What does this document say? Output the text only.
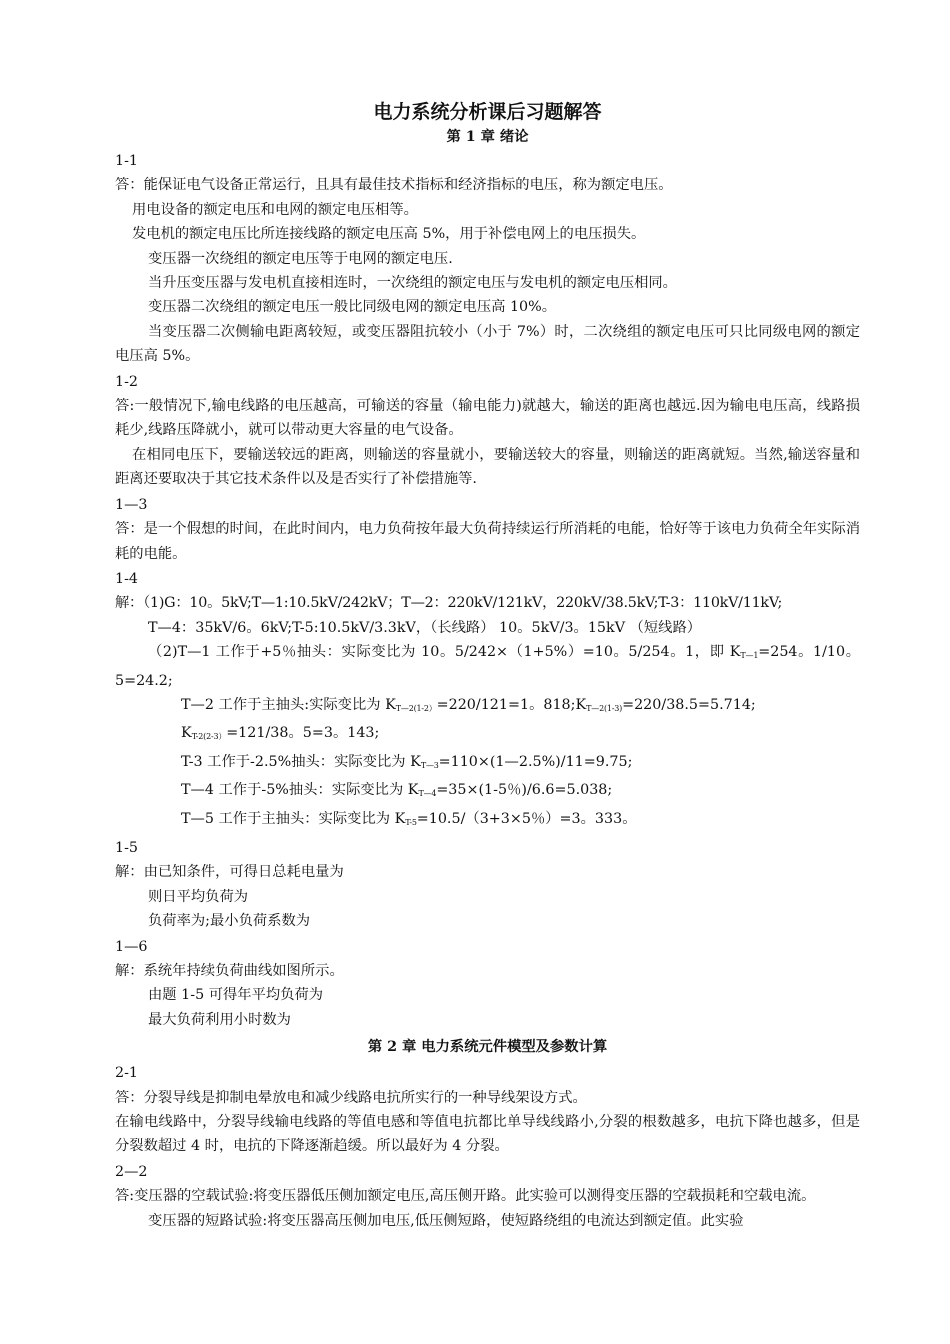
电力系统分析课后习题解答
第 1 章 绪论

1-1

答：能保证电气设备正常运行，且具有最佳技术指标和经济指标的电压，称为额定电压。

用电设备的额定电压和电网的额定电压相等。

发电机的额定电压比所连接线路的额定电压高 5%，用于补偿电网上的电压损失。

变压器一次绕组的额定电压等于电网的额定电压.

当升压变压器与发电机直接相连时，一次绕组的额定电压与发电机的额定电压相同。

变压器二次绕组的额定电压一般比同级电网的额定电压高 10%。

当变压器二次侧输电距离较短，或变压器阻抗较小（小于 7%）时，二次绕组的额定电压可只比同级电网的额定电压高 5%。

1-2

答:一般情况下,输电线路的电压越高，可输送的容量（输电能力)就越大，输送的距离也越远.因为输电电压高，线路损耗少,线路压降就小，就可以带动更大容量的电气设备。

在相同电压下，要输送较远的距离，则输送的容量就小，要输送较大的容量，则输送的距离就短。当然,输送容量和距离还要取决于其它技术条件以及是否实行了补偿措施等.

1—3

答：是一个假想的时间，在此时间内，电力负荷按年最大负荷持续运行所消耗的电能，恰好等于该电力负荷全年实际消耗的电能。

1-4

解：（1)G：10。5kV;T—1:10.5kV/242kV；T—2：220kV/121kV，220kV/38.5kV;T-3：110kV/11kV;

T—4：35kV/6。6kV;T-5:10.5kV/3.3kV，（长线路） 10。5kV/3。15kV （短线路）

（2)T—1 工作于+5％抽头：实际变比为 10。5/242×（1+5%）=10。5/254。1，即 KT—1=254。1/10。5=24.2;

T—2 工作于主抽头:实际变比为 KT—2(1-2）=220/121=1。818;KT—2(1-3)=220/38.5=5.714;

KT-2(2-3）=121/38。5=3。143;

T-3 工作于-2.5%抽头：实际变比为 KT—3=110×(1—2.5%)/11=9.75;

T—4 工作于-5%抽头：实际变比为 KT—4=35×(1-5％)/6.6=5.038;

T—5 工作于主抽头：实际变比为 KT-5=10.5/（3+3×5％）=3。333。

1-5

解：由已知条件，可得日总耗电量为

则日平均负荷为

负荷率为;最小负荷系数为

1—6

解：系统年持续负荷曲线如图所示。

由题 1-5 可得年平均负荷为

最大负荷利用小时数为

第 2 章 电力系统元件模型及参数计算

2-1

答：分裂导线是抑制电晕放电和减少线路电抗所实行的一种导线架设方式。

在输电线路中，分裂导线输电线路的等值电感和等值电抗都比单导线线路小,分裂的根数越多，电抗下降也越多，但是分裂数超过 4 时，电抗的下降逐渐趋缓。所以最好为 4 分裂。

2—2

答:变压器的空载试验:将变压器低压侧加额定电压,高压侧开路。此实验可以测得变压器的空载损耗和空载电流。

变压器的短路试验:将变压器高压侧加电压,低压侧短路，使短路绕组的电流达到额定值。此实验
